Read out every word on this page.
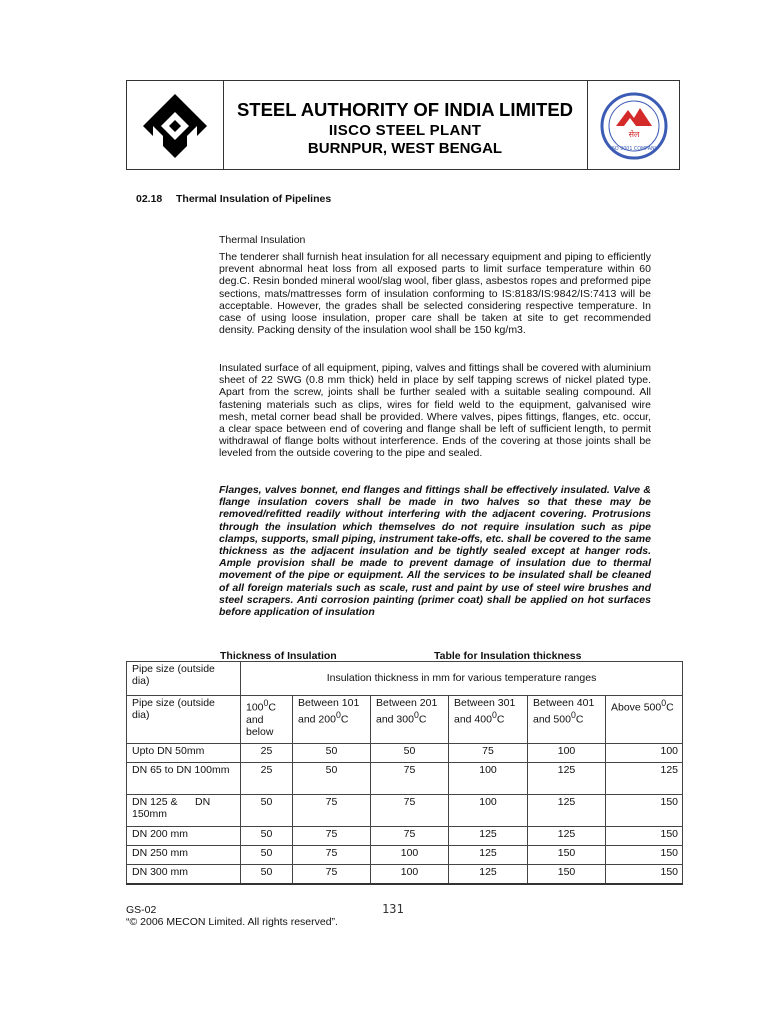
STEEL AUTHORITY OF INDIA LIMITED
IISCO STEEL PLANT
BURNPUR, WEST BENGAL
सेल
ISO 9001 COMPANY
02.18 Thermal Insulation of Pipelines
Thermal Insulation

The tenderer shall furnish heat insulation for all necessary equipment and piping to efficiently prevent abnormal heat loss from all exposed parts to limit surface temperature within 60 deg.C. Resin bonded mineral wool/slag wool, fiber glass, asbestos ropes and preformed pipe sections, mats/mattresses form of insulation conforming to IS:8183/IS:9842/IS:7413 will be acceptable. However, the grades shall be selected considering respective temperature. In case of using loose insulation, proper care shall be taken at site to get recommended density. Packing density of the insulation wool shall be 150 kg/m3.

Insulated surface of all equipment, piping, valves and fittings shall be covered with aluminium sheet of 22 SWG (0.8 mm thick) held in place by self tapping screws of nickel plated type. Apart from the screw, joints shall be further sealed with a suitable sealing compound. All fastening materials such as clips, wires for field weld to the equipment, galvanised wire mesh, metal corner bead shall be provided. Where valves, pipes fittings, flanges, etc. occur, a clear space between end of covering and flange shall be left of sufficient length, to permit withdrawal of flange bolts without interference. Ends of the covering at those joints shall be leveled from the outside covering to the pipe and sealed.

Flanges, valves bonnet, end flanges and fittings shall be effectively insulated. Valve & flange insulation covers shall be made in two halves so that these may be removed/refitted readily without interfering with the adjacent covering. Protrusions through the insulation which themselves do not require insulation such as pipe clamps, supports, small piping, instrument take-offs, etc. shall be covered to the same thickness as the adjacent insulation and be tightly sealed except at hanger rods. Ample provision shall be made to prevent damage of insulation due to thermal movement of the pipe or equipment. All the services to be insulated shall be cleaned of all foreign materials such as scale, rust and paint by use of steel wire brushes and steel scrapers. Anti corrosion painting (primer coat) shall be applied on hot surfaces before application of insulation

Thickness of Insulation	Table for Insulation thickness
Pipe size (outside dia)	Insulation thickness in mm for various temperature ranges					
Pipe size (outside dia)	$100^0C$ and below	Between 101 and $200^0C$	Between 201 and $300^0C$	Between 301 and $400^0C$	Between 401 and $500^0C$	Above $500^0C$
Upto DN 50mm	25	50	50	75	100	100
DN 65 to DN 100mm	25	50	75	100	125	125
DN 125 &      DN 150mm	50	75	75	100	125	150
DN 200 mm	50	75	75	125	125	150
DN 250 mm	50	75	100	125	150	150
DN 300 mm	50	75	100	125	150	150
GS-02
“© 2006 MECON Limited. All rights reserved”.
131
